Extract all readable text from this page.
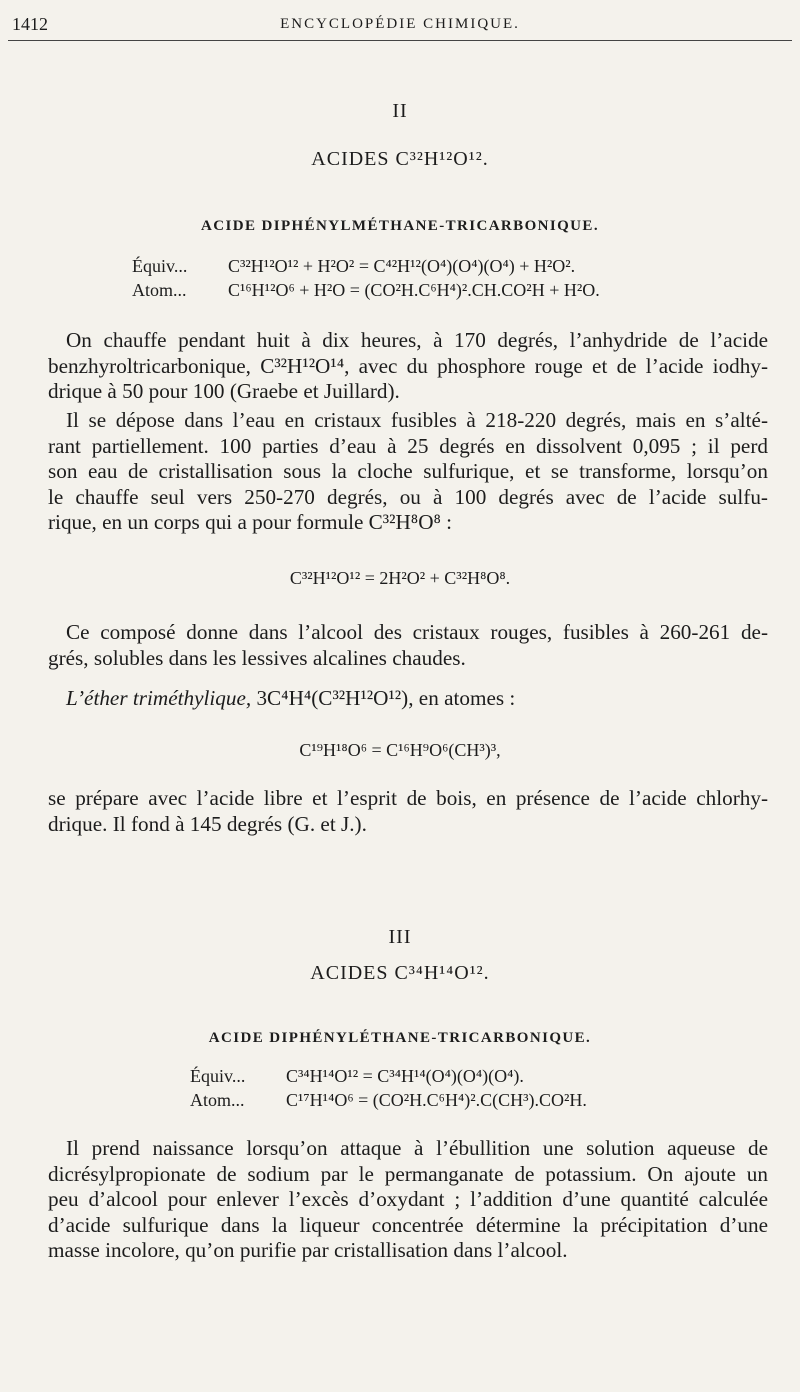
1412	ENCYCLOPÉDIE CHIMIQUE.
II
ACIDES C³²H¹²O¹².
ACIDE DIPHÉNYLMÉTHANE-TRICARBONIQUE.
Équiv... C³²H¹²O¹² + H²O² = C⁴²H¹²(O⁴)(O⁴)(O⁴) + H²O².
Atom... C¹⁶H¹²O⁶ + H²O = (CO²H.C⁶H⁴)².CH.CO²H + H²O.
On chauffe pendant huit à dix heures, à 170 degrés, l’anhydride de l’acide
benzhyroltricarbonique, C³²H¹²O¹⁴, avec du phosphore rouge et de l’acide iodhy-
drique à 50 pour 100 (Graebe et Juillard).
Il se dépose dans l’eau en cristaux fusibles à 218-220 degrés, mais en s’alté-
rant partiellement. 100 parties d’eau à 25 degrés en dissolvent 0,095 ; il perd
son eau de cristallisation sous la cloche sulfurique, et se transforme, lorsqu’on
le chauffe seul vers 250-270 degrés, ou à 100 degrés avec de l’acide sulfu-
rique, en un corps qui a pour formule C³²H⁸O⁸ :
C³²H¹²O¹² = 2H²O² + C³²H⁸O⁸.
Ce composé donne dans l’alcool des cristaux rouges, fusibles à 260-261 de-
grés, solubles dans les lessives alcalines chaudes.
L’éther triméthylique, 3C⁴H⁴(C³²H¹²O¹²), en atomes :
C¹⁹H¹⁸O⁶ = C¹⁶H⁹O⁶(CH³)³,
se prépare avec l’acide libre et l’esprit de bois, en présence de l’acide chlorhy-
drique. Il fond à 145 degrés (G. et J.).
III
ACIDES C³⁴H¹⁴O¹².
ACIDE DIPHÉNYLÉTHANE-TRICARBONIQUE.
Équiv... C³⁴H¹⁴O¹² = C³⁴H¹⁴(O⁴)(O⁴)(O⁴).
Atom... C¹⁷H¹⁴O⁶ = (CO²H.C⁶H⁴)².C(CH³).CO²H.
Il prend naissance lorsqu’on attaque à l’ébullition une solution aqueuse de
dicrésylpropionate de sodium par le permanganate de potassium. On ajoute un
peu d’alcool pour enlever l’excès d’oxydant ; l’addition d’une quantité calculée
d’acide sulfurique dans la liqueur concentrée détermine la précipitation d’une
masse incolore, qu’on purifie par cristallisation dans l’alcool.
